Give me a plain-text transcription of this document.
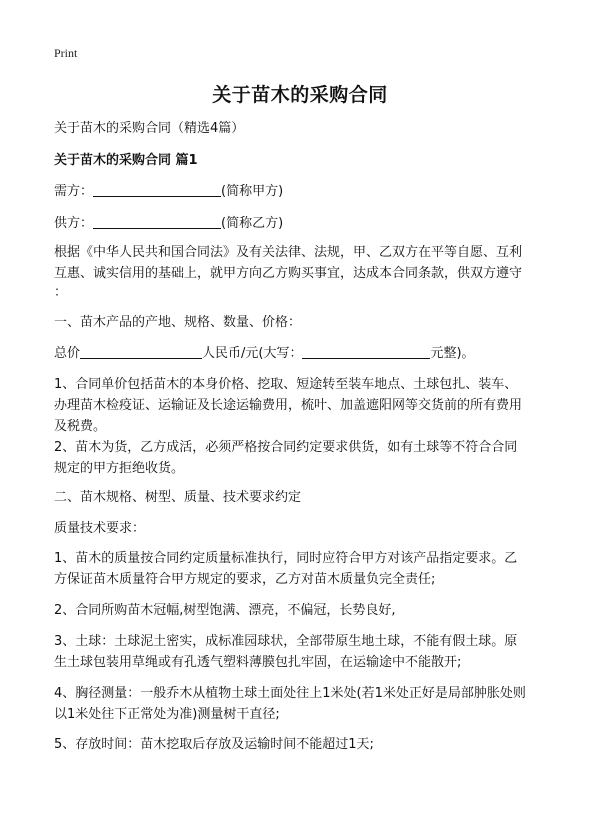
Print
关于苗木的采购合同
关于苗木的采购合同（精选4篇）
关于苗木的采购合同 篇1
需方：	(简称甲方)
供方：	(简称乙方)
根据《中华人民共和国合同法》及有关法律、法规，甲、乙双方在平等自愿、互利
互惠、诚实信用的基础上，就甲方向乙方购买事宜，达成本合同条款，供双方遵守
：
一、苗木产品的产地、规格、数量、价格：
总价	人民币/元(大写：	元整)。
1、合同单价包括苗木的本身价格、挖取、短途转至装车地点、土球包扎、装车、
办理苗木检疫证、运输证及长途运输费用，梳叶、加盖遮阳网等交货前的所有费用
及税费。
2、苗木为货，乙方成活，必须严格按合同约定要求供货，如有土球等不符合合同
规定的甲方拒绝收货。
二、苗木规格、树型、质量、技术要求约定
质量技术要求：
1、苗木的质量按合同约定质量标准执行，同时应符合甲方对该产品指定要求。乙
方保证苗木质量符合甲方规定的要求，乙方对苗木质量负完全责任;
2、合同所购苗木冠幅,树型饱满、漂亮，不偏冠，长势良好,
3、土球：土球泥土密实，成标准园球状，全部带原生地土球，不能有假土球。原
生土球包装用草绳或有孔透气塑料薄膜包扎牢固，在运输途中不能散开;
4、胸径测量：一般乔木从植物土球土面处往上1米处(若1米处正好是局部肿胀处则
以1米处往下正常处为准)测量树干直径;
5、存放时间：苗木挖取后存放及运输时间不能超过1天;
